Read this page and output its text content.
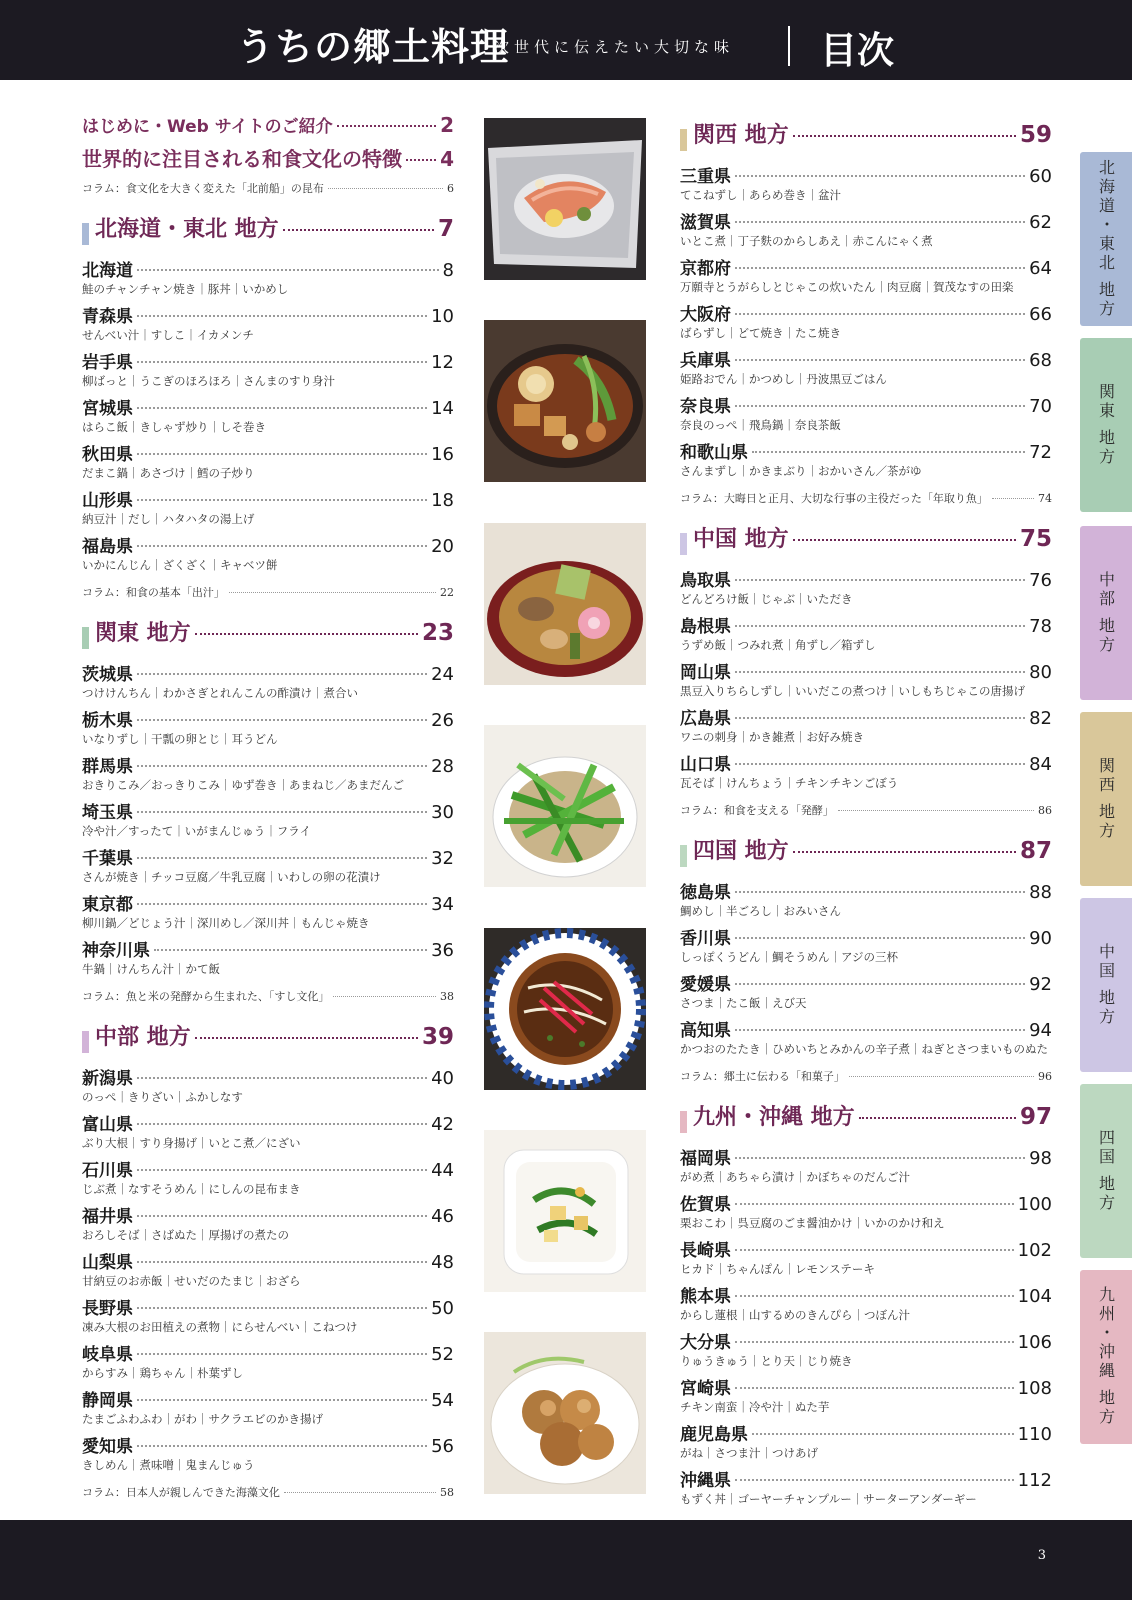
うちの郷土料理
次世代に伝えたい大切な味 目次
はじめに・Web サイトのご紹介	2
世界的に注目される和食文化の特徴 4
コラム：食文化を大きく変えた「北前船」の昆布	6
北海道・東北 地方	7
北海道	8
鮭のチャンチャン焼き｜豚丼｜いかめし
青森県	10
せんべい汁｜すしこ｜イカメンチ
岩手県	12
柳ばっと｜うこぎのほろほろ｜さんまのすり身汁
宮城県	14
はらこ飯｜きしゃず炒り｜しそ巻き
秋田県	16
だまこ鍋｜あさづけ｜鱈の子炒り
山形県	18
納豆汁｜だし｜ハタハタの湯上げ
福島県	20
いかにんじん｜ざくざく｜キャベツ餅
コラム：和食の基本「出汁」	22
関東 地方	23
茨城県	24
つけけんちん｜わかさぎとれんこんの酢漬け｜煮合い
栃木県	26
いなりずし｜干瓢の卵とじ｜耳うどん
群馬県	28
おきりこみ／おっきりこみ｜ゆず巻き｜あまねじ／あまだんご
埼玉県	30
冷や汁／すったて｜いがまんじゅう｜フライ
千葉県	32
さんが焼き｜チッコ豆腐／牛乳豆腐｜いわしの卵の花漬け
東京都	34
柳川鍋／どじょう汁｜深川めし／深川丼｜もんじゃ焼き
神奈川県	36
牛鍋｜けんちん汁｜かて飯
コラム：魚と米の発酵から生まれた、「すし文化」	38
中部 地方	39
新潟県	40
のっぺ｜きりざい｜ふかしなす
富山県	42
ぶり大根｜すり身揚げ｜いとこ煮／にざい
石川県	44
じぶ煮｜なすそうめん｜にしんの昆布まき
福井県	46
おろしそば｜さばぬた｜厚揚げの煮たの
山梨県	48
甘納豆のお赤飯｜せいだのたまじ｜おざら
長野県	50
凍み大根のお田植えの煮物｜にらせんべい｜こねつけ
岐阜県	52
からすみ｜鶏ちゃん｜朴葉ずし
静岡県	54
たまごふわふわ｜がわ｜サクラエビのかき揚げ
愛知県	56
きしめん｜煮味噌｜鬼まんじゅう
コラム：日本人が親しんできた海藻文化	58
関西 地方	59
三重県	60
てこねずし｜あらめ巻き｜盆汁
滋賀県	62
いとこ煮｜丁子麩のからしあえ｜赤こんにゃく煮
京都府	64
万願寺とうがらしとじゃこの炊いたん｜肉豆腐｜賀茂なすの田楽
大阪府	66
ばらずし｜どて焼き｜たこ焼き
兵庫県	68
姫路おでん｜かつめし｜丹波黒豆ごはん
奈良県	70
奈良のっぺ｜飛鳥鍋｜奈良茶飯
和歌山県	72
さんまずし｜かきまぶり｜おかいさん／茶がゆ
コラム：大晦日と正月、大切な行事の主役だった「年取り魚」	74
中国 地方	75
鳥取県	76
どんどろけ飯｜じゃぶ｜いただき
島根県	78
うずめ飯｜つみれ煮｜角ずし／箱ずし
岡山県	80
黒豆入りちらしずし｜いいだこの煮つけ｜いしもちじゃこの唐揚げ
広島県	82
ワニの刺身｜かき雑煮｜お好み焼き
山口県	84
瓦そば｜けんちょう｜チキンチキンごぼう
コラム：和食を支える「発酵」	86
四国 地方	87
徳島県	88
鯛めし｜半ごろし｜おみいさん
香川県	90
しっぽくうどん｜鯛そうめん｜アジの三杯
愛媛県	92
さつま｜たこ飯｜えび天
高知県	94
かつおのたたき｜ひめいちとみかんの辛子煮｜ねぎとさつまいものぬた
コラム：郷土に伝わる「和菓子」	96
九州・沖縄 地方	97
福岡県	98
がめ煮｜あちゃら漬け｜かぼちゃのだんご汁
佐賀県	100
栗おこわ｜呉豆腐のごま醤油かけ｜いかのかけ和え
長崎県	102
ヒカド｜ちゃんぽん｜レモンステーキ
熊本県	104
からし蓮根｜山するめのきんぴら｜つぼん汁
大分県	106
りゅうきゅう｜とり天｜じり焼き
宮崎県	108
チキン南蛮｜冷や汁｜ぬた芋
鹿児島県	110
がね｜さつま汁｜つけあげ
沖縄県	112
もずく丼｜ゴーヤーチャンプルー｜サーターアンダーギー
北海道・東北 地方
関東 地方
中部 地方
関西 地方
中国 地方
四国 地方
九州・沖縄 地方
3
